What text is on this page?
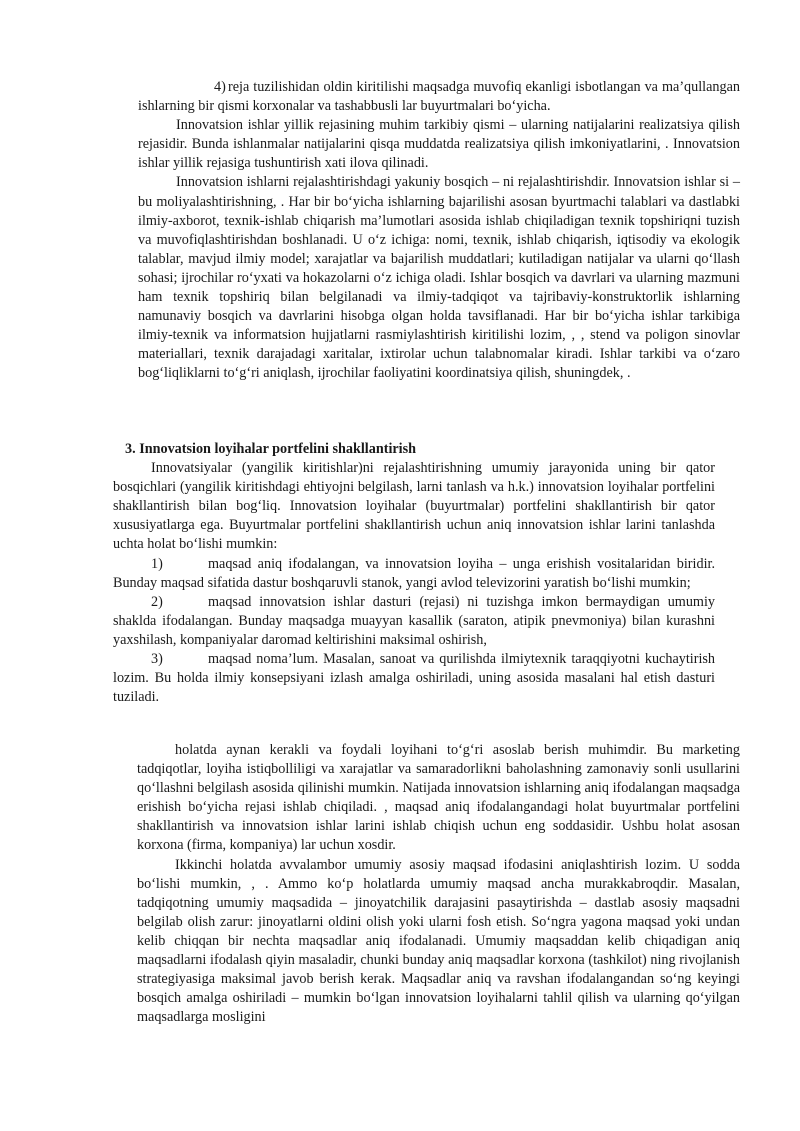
4) reja tuzilishidan oldin kiritilishi maqsadga muvofiq ekanligi isbotlangan va ma’qullangan ishlarning bir qismi korxonalar va tashabbusli lar buyurtmalari bo‘yicha.

Innovatsion ishlar yillik rejasining muhim tarkibiy qismi – ularning natijalarini realizatsiya qilish rejasidir. Bunda ishlanmalar natijalarini qisqa muddatda realizatsiya qilish imkoniyatlarini, . Innovatsion ishlar yillik rejasiga tushuntirish xati ilova qilinadi.

Innovatsion ishlarni rejalashtirishdagi yakuniy bosqich – ni rejalashtirishdir. Innovatsion ishlar si – bu moliyalashtirishning, . Har bir bo‘yicha ishlarning bajarilishi asosan byurtmachi talablari va dastlabki ilmiy-axborot, texnik-ishlab chiqarish ma’lumotlari asosida ishlab chiqiladigan texnik topshiriqni tuzish va muvofiqlashtirishdan boshlanadi. U o‘z ichiga: nomi, texnik, ishlab chiqarish, iqtisodiy va ekologik talablar, mavjud ilmiy model; xarajatlar va bajarilish muddatlari; kutiladigan natijalar va ularni qo‘llash sohasi; ijrochilar ro‘yxati va hokazolarni o‘z ichiga oladi. Ishlar bosqich va davrlari va ularning mazmuni ham texnik topshiriq bilan belgilanadi va ilmiy-tadqiqot va tajribaviy-konstruktorlik ishlarning namunaviy bosqich va davrlarini hisobga olgan holda tavsiflanadi. Har bir bo‘yicha ishlar tarkibiga ilmiy-texnik va informatsion hujjatlarni rasmiylashtirish kiritilishi lozim, , , stend va poligon sinovlar materiallari, texnik darajadagi xaritalar, ixtirolar uchun talabnomalar kiradi. Ishlar tarkibi va o‘zaro bog‘liqliklarni to‘g‘ri aniqlash, ijrochilar faoliyatini koordinatsiya qilish, shuningdek, .

3. Innovatsion loyihalar portfelini shakllantirish

Innovatsiyalar (yangilik kiritishlar)ni rejalashtirishning umumiy jarayonida uning bir qator bosqichlari (yangilik kiritishdagi ehtiyojni belgilash, larni tanlash va h.k.) innovatsion loyihalar portfelini shakllantirish bilan bog‘liq. Innovatsion loyihalar (buyurtmalar) portfelini shakllantirish bir qator xususiyatlarga ega. Buyurtmalar portfelini shakllantirish uchun aniq innovatsion ishlar larini tanlashda uchta holat bo‘lishi mumkin:

1)	maqsad aniq ifodalangan, va innovatsion loyiha – unga erishish vositalaridan biridir. Bunday maqsad sifatida dastur boshqaruvli stanok, yangi avlod televizorini yaratish bo‘lishi mumkin;

2)	maqsad innovatsion ishlar dasturi (rejasi) ni tuzishga imkon bermaydigan umumiy shaklda ifodalangan. Bunday maqsadga muayyan kasallik (saraton, atipik pnevmoniya) bilan kurashni yaxshilash, kompaniyalar daromad keltirishini maksimal oshirish,

3)	maqsad noma’lum. Masalan, sanoat va qurilishda ilmiytexnik taraqqiyotni kuchaytirish lozim. Bu holda ilmiy konsepsiyani izlash amalga oshiriladi, uning asosida masalani hal etish dasturi tuziladi.

holatda aynan kerakli va foydali loyihani to‘g‘ri asoslab berish muhimdir. Bu marketing tadqiqotlar, loyiha istiqbolliligi va xarajatlar va samaradorlikni baholashning zamonaviy sonli usullarini qo‘llashni belgilash asosida qilinishi mumkin. Natijada innovatsion ishlarning aniq ifodalangan maqsadga erishish bo‘yicha rejasi ishlab chiqiladi. , maqsad aniq ifodalangandagi holat buyurtmalar portfelini shakllantirish va innovatsion ishlar larini ishlab chiqish uchun eng soddasidir. Ushbu holat asosan korxona (firma, kompaniya) lar uchun xosdir.

Ikkinchi holatda avvalambor umumiy asosiy maqsad ifodasini aniqlashtirish lozim. U sodda bo‘lishi mumkin, , . Ammo ko‘p holatlarda umumiy maqsad ancha murakkabroqdir. Masalan, tadqiqotning umumiy maqsadida – jinoyatchilik darajasini pasaytirishda – dastlab asosiy maqsadni belgilab olish zarur: jinoyatlarni oldini olish yoki ularni fosh etish. So‘ngra yagona maqsad yoki undan kelib chiqqan bir nechta maqsadlar aniq ifodalanadi. Umumiy maqsaddan kelib chiqadigan aniq maqsadlarni ifodalash qiyin masaladir, chunki bunday aniq maqsadlar korxona (tashkilot) ning rivojlanish strategiyasiga maksimal javob berish kerak. Maqsadlar aniq va ravshan ifodalangandan so‘ng keyingi bosqich amalga oshiriladi – mumkin bo‘lgan innovatsion loyihalarni tahlil qilish va ularning qo‘yilgan maqsadlarga mosligini
